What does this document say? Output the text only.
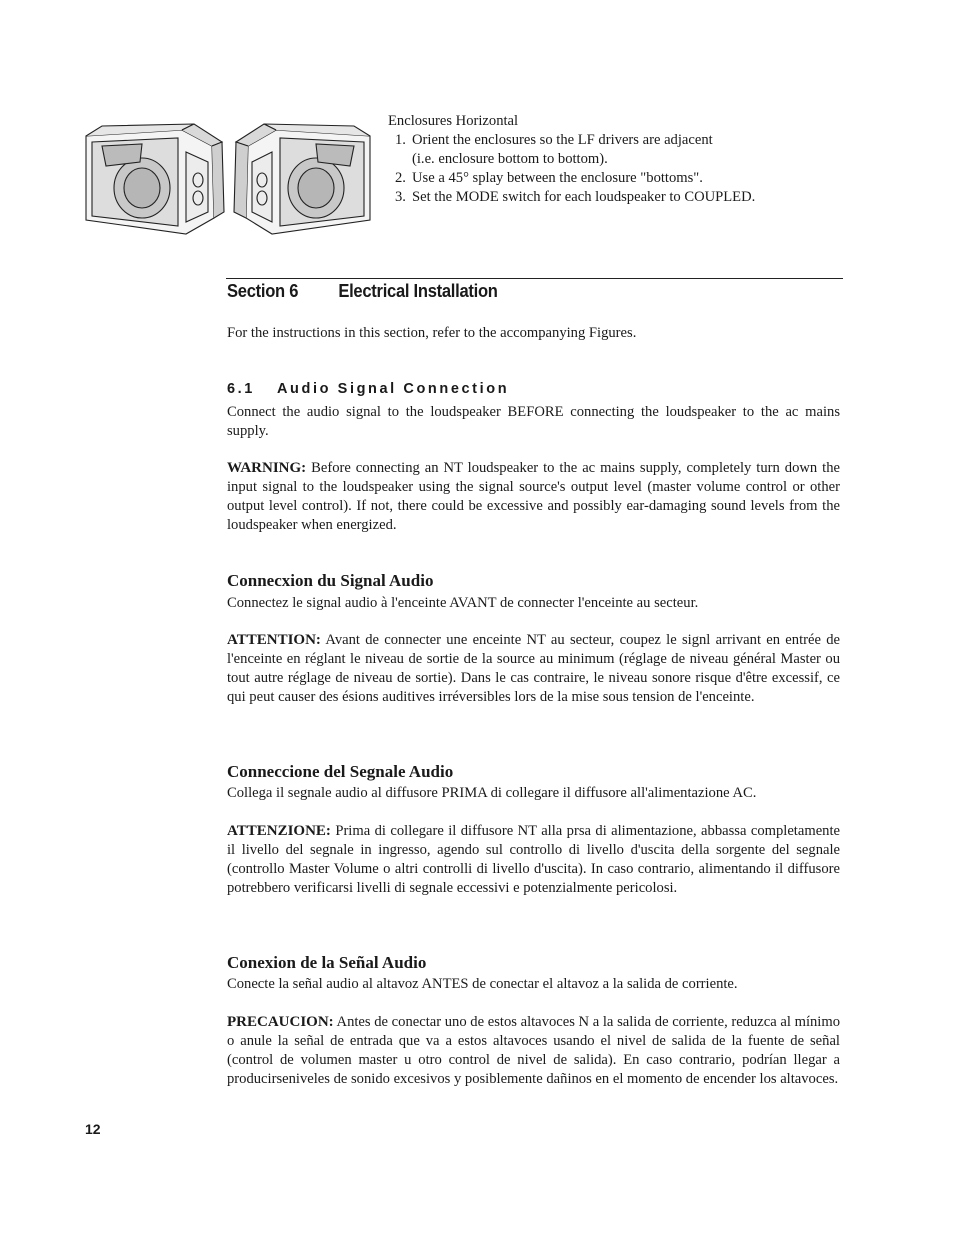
Enclosures Horizontal
1. Orient the enclosures so the LF drivers are adjacent
(i.e. enclosure bottom to bottom).
2. Use a 45° splay between the enclosure "bottoms".
3. Set the MODE switch for each loudspeaker to COUPLED.
Section 6 Electrical Installation

For the instructions in this section, refer to the accompanying Figures.

6.1 Audio Signal Connection

Connect the audio signal to the loudspeaker BEFORE connecting the loudspeaker to the ac mains supply.

WARNING: Before connecting an NT loudspeaker to the ac mains supply, completely turn down the input signal to the loudspeaker using the signal source's output level (master volume control or other output level control). If not, there could be excessive and possibly ear-damaging sound levels from the loudspeaker when energized.

Connecxion du Signal Audio

Connectez le signal audio à l'enceinte AVANT de connecter l'enceinte au secteur.

ATTENTION: Avant de connecter une enceinte NT au secteur, coupez le signl arrivant en entrée de l'enceinte en réglant le niveau de sortie de la source au minimum (réglage de niveau général Master ou tout autre réglage de niveau de sortie). Dans le cas contraire, le niveau sonore risque d'être excessif, ce qui peut causer des ésions auditives irréversibles lors de la mise sous tension de l'enceinte.

Conneccione del Segnale Audio

Collega il segnale audio al diffusore PRIMA di collegare il diffusore all'alimentazione AC.

ATTENZIONE: Prima di collegare il diffusore NT alla prsa di alimentazione, abbassa completamente il livello del segnale in ingresso, agendo sul controllo di livello d'uscita della sorgente del segnale (controllo Master Volume o altri controlli di livello d'uscita). In caso contrario, alimentando il diffusore potrebbero verificarsi livelli di segnale eccessivi e potenzialmente pericolosi.

Conexion de la Señal Audio

Conecte la señal audio al altavoz ANTES de conectar el altavoz a la salida de corriente.

PRECAUCION: Antes de conectar uno de estos altavoces N a la salida de corriente, reduzca al mínimo o anule la señal de entrada que va a estos altavoces usando el nivel de salida de la fuente de señal (control de volumen master u otro control de nivel de salida). En caso contrario, podrían llegar a producirseniveles de sonido excesivos y posiblemente dañinos en el momento de encender los altavoces.

12
